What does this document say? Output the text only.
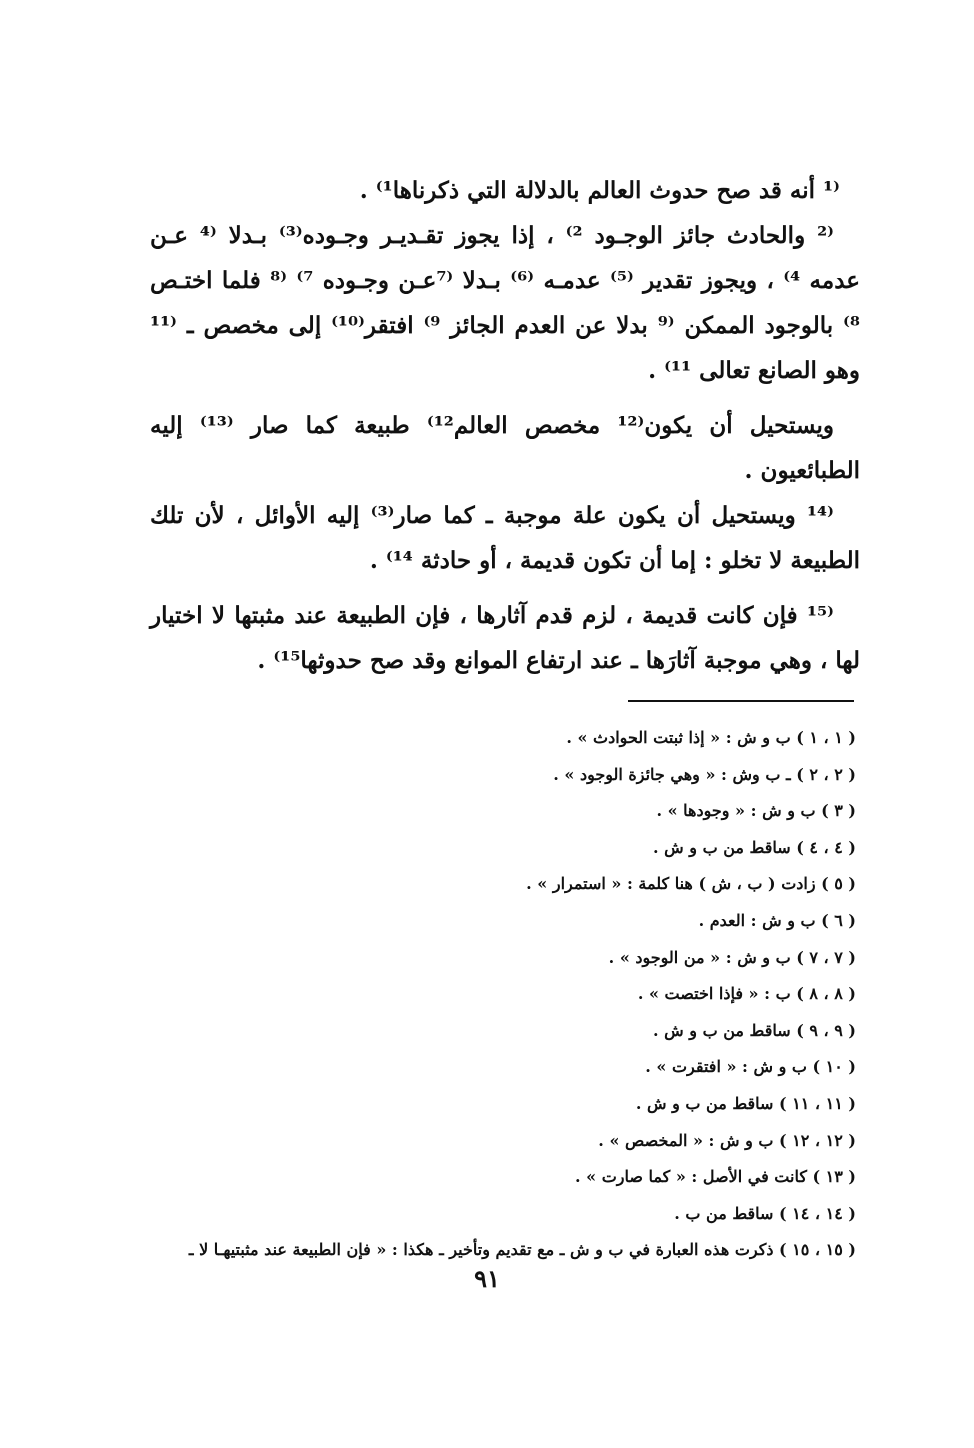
⁽¹ أنه قد صح حدوث العالم بالدلالة التي ذكرناها¹⁾ .

⁽² والحادث جائز الوجـود ²⁾ ، إذا يجوز تقـديـر وجـوده⁽³⁾ بـدلا ⁽⁴ عـن عدمه ⁴⁾ ، ويجوز تقدير ⁽⁵⁾ عدمـه ⁽⁶⁾ بـدلا ⁽⁷عـن وجـوده ⁷⁾ ⁽⁸ فلما اختـص ⁸⁾ بالوجود الممكن ⁽⁹ بدلا عن العدم الجائز ⁹⁾ افتقر⁽¹⁰⁾ إلى مخصص ـ ⁽¹¹ وهو الصانع تعالى ¹¹⁾ .

ويستحيل أن يكون⁽¹² مخصص العالم¹²⁾ طبيعة كما صار ⁽¹³⁾ إليه الطبائعيون .

⁽¹⁴ ويستحيل أن يكون علة موجبة ـ كما صار⁽³⁾ إليه الأوائل ، لأن تلك الطبيعة لا تخلو : إما أن تكون قديمة ، أو حادثة ¹⁴⁾ .

⁽¹⁵ فإن كانت قديمة ، لزم قدم آثارها ، فإن الطبيعة عند مثبتها لا اختيار لها ، وهي موجبة آثارَها ـ عند ارتفاع الموانع وقد صح حدوثها¹⁵⁾ .

( ١ ، ١ ) ب و ش : « إذا ثبتت الحوادث » .
( ٢ ، ٢ ) ـ ب وش : « وهي جائزة الوجود » .
( ٣ ) ب و ش : « وجودها » .
( ٤ ، ٤ ) ساقط من ب و ش .
( ٥ ) زادت ( ب ، ش ) هنا كلمة : « استمرار » .
( ٦ ) ب و ش : العدم .
( ٧ ، ٧ ) ب و ش : « من الوجود » .
( ٨ ، ٨ ) ب : « فإذا اختصت » .
( ٩ ، ٩ ) ساقط من ب و ش .
( ١٠ ) ب و ش : « افتقرت » .
( ١١ ، ١١ ) ساقط من ب و ش .
( ١٢ ، ١٢ ) ب و ش : « المخصص » .
( ١٣ ) كانت في الأصل : « كما صارت » .
( ١٤ ، ١٤ ) ساقط من ب .
( ١٥ ، ١٥ ) ذكرت هذه العبارة في ب و ش ـ مع تقديم وتأخير ـ هكذا : « فإن الطبيعة عند مثبتيهـا لا ـ
٩١
